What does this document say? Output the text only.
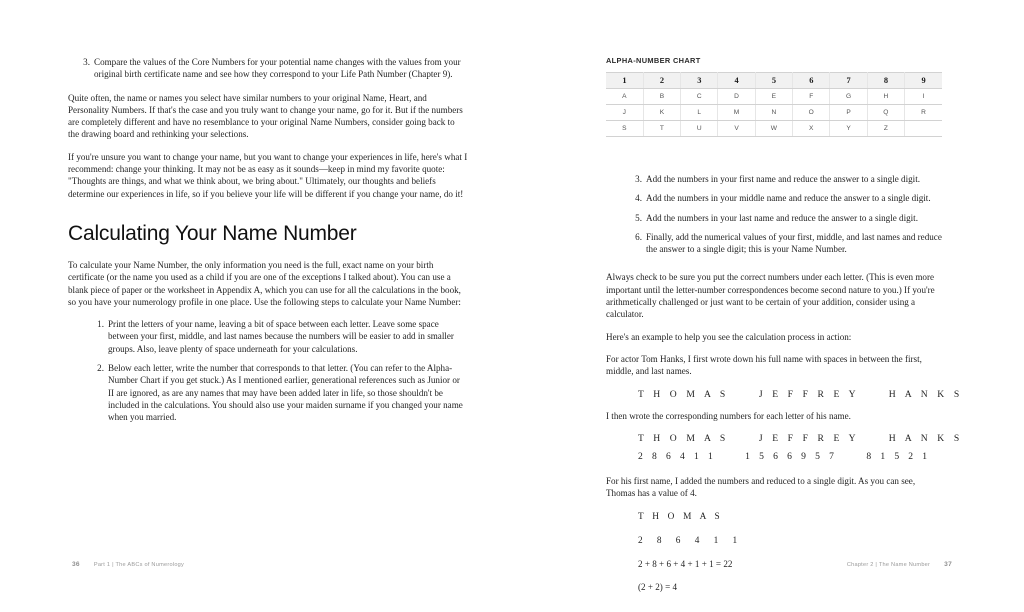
3. Compare the values of the Core Numbers for your potential name changes with the values from your original birth certificate name and see how they correspond to your Life Path Number (Chapter 9).

Quite often, the name or names you select have similar numbers to your original Name, Heart, and Personality Numbers. If that's the case and you truly want to change your name, go for it. But if the numbers are completely different and have no resemblance to your original Name Numbers, consider going back to the drawing board and rethinking your selections.

If you're unsure you want to change your name, but you want to change your experiences in life, here's what I recommend: change your thinking. It may not be as easy as it sounds—keep in mind my favorite quote: "Thoughts are things, and what we think about, we bring about." Ultimately, our thoughts and beliefs determine our experiences in life, so if you believe your life will be different if you change your name, do it!

Calculating Your Name Number

To calculate your Name Number, the only information you need is the full, exact name on your birth certificate (or the name you used as a child if you are one of the exceptions I talked about). You can use a blank piece of paper or the worksheet in Appendix A, which you can use for all the calculations in the book, so you have your numerology profile in one place. Use the following steps to calculate your Name Number:

1. Print the letters of your name, leaving a bit of space between each letter. Leave some space between your first, middle, and last names because the numbers will be easier to add in smaller groups. Also, leave plenty of space underneath for your calculations.
2. Below each letter, write the number that corresponds to that letter. (You can refer to the Alpha-Number Chart if you get stuck.) As I mentioned earlier, generational references such as Junior or II are ignored, as are any names that may have been added later in life, so those shouldn't be included in the calculations. You should also use your maiden surname if you changed your name when you married.
36	Part 1 | The ABCs of Numerology
ALPHA-NUMBER CHART
1	2	3	4	5	6	7	8	9
A	B	C	D	E	F	G	H	I
J	K	L	M	N	O	P	Q	R
S	T	U	V	W	X	Y	Z	
3. Add the numbers in your first name and reduce the answer to a single digit.
4. Add the numbers in your middle name and reduce the answer to a single digit.
5. Add the numbers in your last name and reduce the answer to a single digit.
6. Finally, add the numerical values of your first, middle, and last names and reduce the answer to a single digit; this is your Name Number.

Always check to be sure you put the correct numbers under each letter. (This is even more important until the letter-number correspondences become second nature to you.) If you're arithmetically challenged or just want to be certain of your addition, consider using a calculator.

Here's an example to help you see the calculation process in action:

For actor Tom Hanks, I first wrote down his full name with spaces in between the first, middle, and last names.

T H O M A S     J E F F R E Y     H A N K S

I then wrote the corresponding numbers for each letter of his name.

T H O M A S     J E F F R E Y     H A N K S
2 8 6 4 1 1     1 5 6 6 9 5 7     8 1 5 2 1

For his first name, I added the numbers and reduced to a single digit. As you can see, Thomas has a value of 4.

T H O M A S
2  8  6  4  1  1
2 + 8 + 6 + 4 + 1 + 1 = 22
(2 + 2) = 4
Chapter 2 | The Name Number 37
